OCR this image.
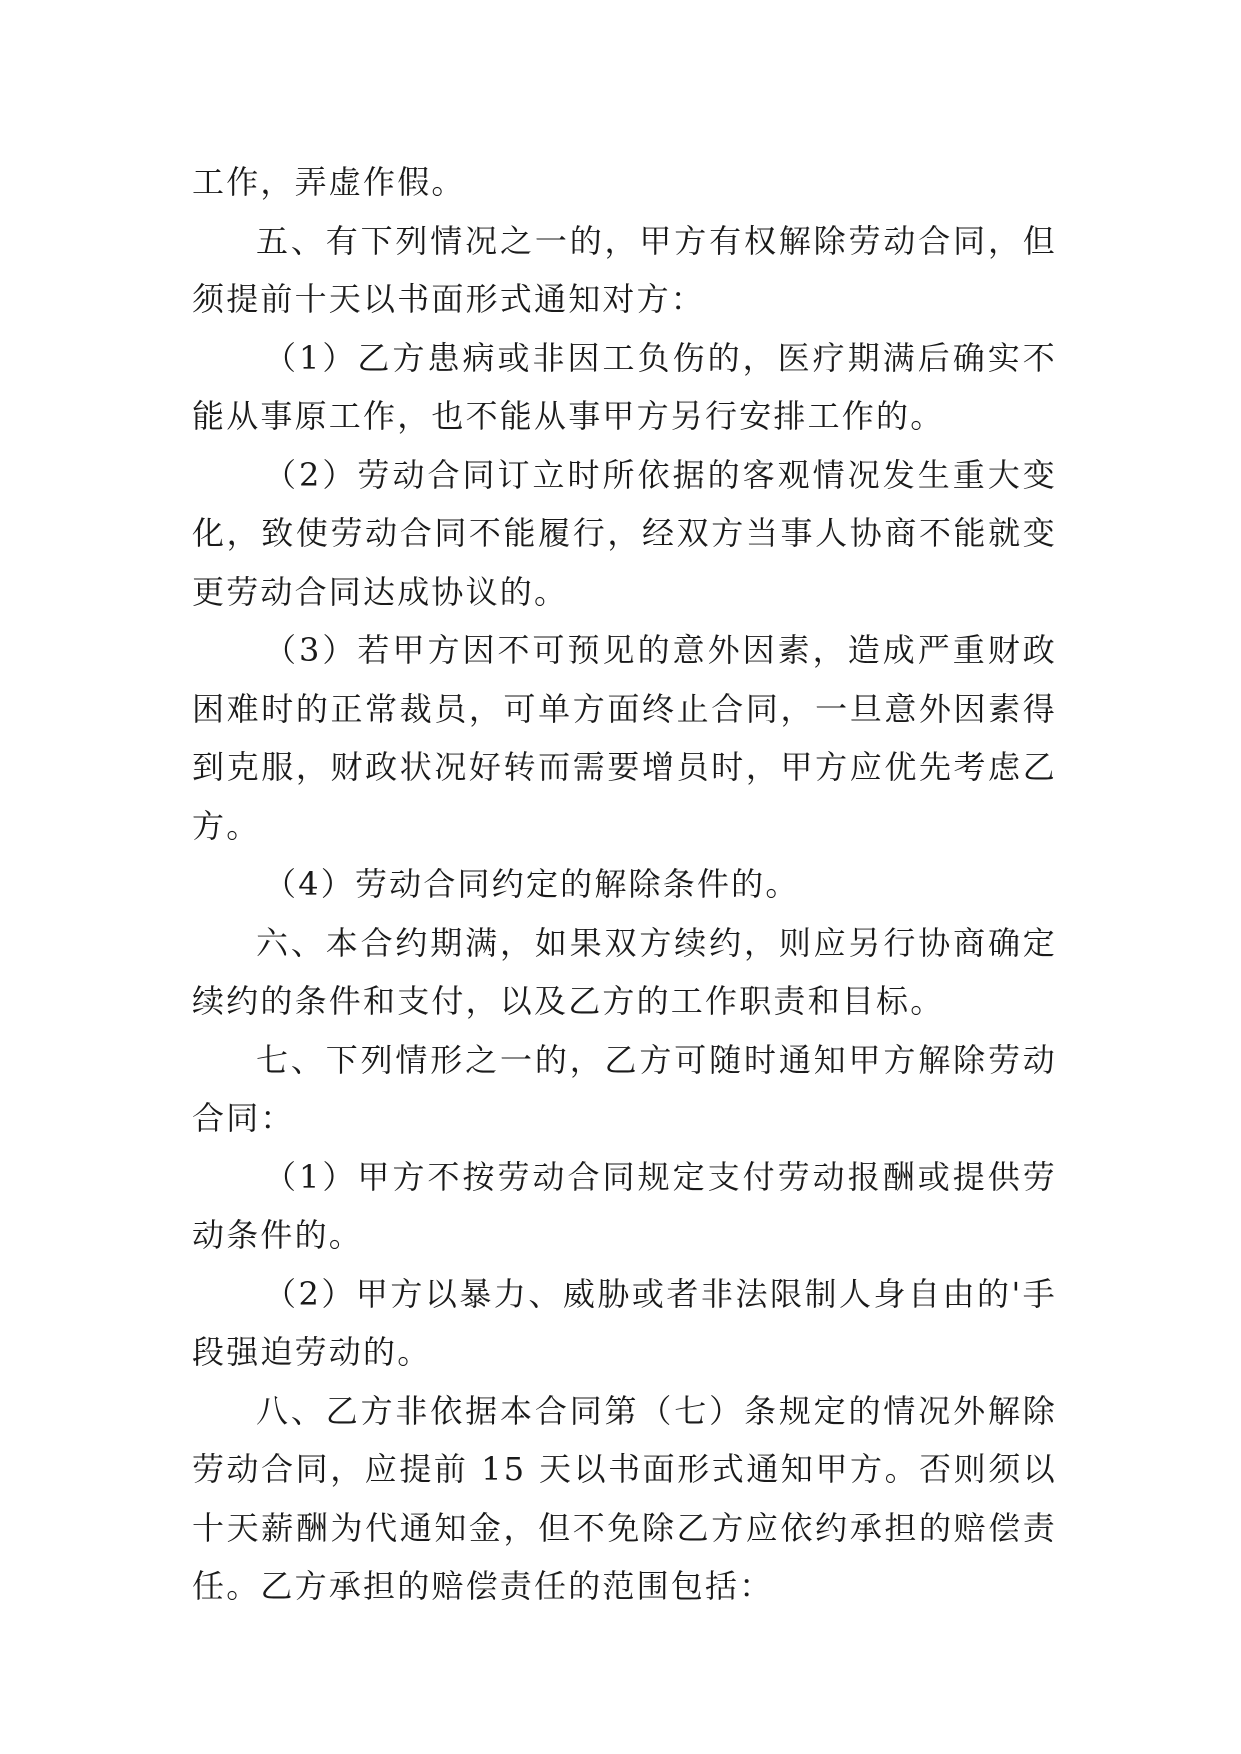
工作，弄虚作假。

五、有下列情况之一的，甲方有权解除劳动合同，但须提前十天以书面形式通知对方：

（1）乙方患病或非因工负伤的，医疗期满后确实不能从事原工作，也不能从事甲方另行安排工作的。

（2）劳动合同订立时所依据的客观情况发生重大变化，致使劳动合同不能履行，经双方当事人协商不能就变更劳动合同达成协议的。

（3）若甲方因不可预见的意外因素，造成严重财政困难时的正常裁员，可单方面终止合同，一旦意外因素得到克服，财政状况好转而需要增员时，甲方应优先考虑乙方。

（4）劳动合同约定的解除条件的。

六、本合约期满，如果双方续约，则应另行协商确定续约的条件和支付，以及乙方的工作职责和目标。

七、下列情形之一的，乙方可随时通知甲方解除劳动合同：

（1）甲方不按劳动合同规定支付劳动报酬或提供劳动条件的。

（2）甲方以暴力、威胁或者非法限制人身自由的'手段强迫劳动的。

八、乙方非依据本合同第（七）条规定的情况外解除劳动合同，应提前 15 天以书面形式通知甲方。否则须以十天薪酬为代通知金，但不免除乙方应依约承担的赔偿责任。乙方承担的赔偿责任的范围包括：
